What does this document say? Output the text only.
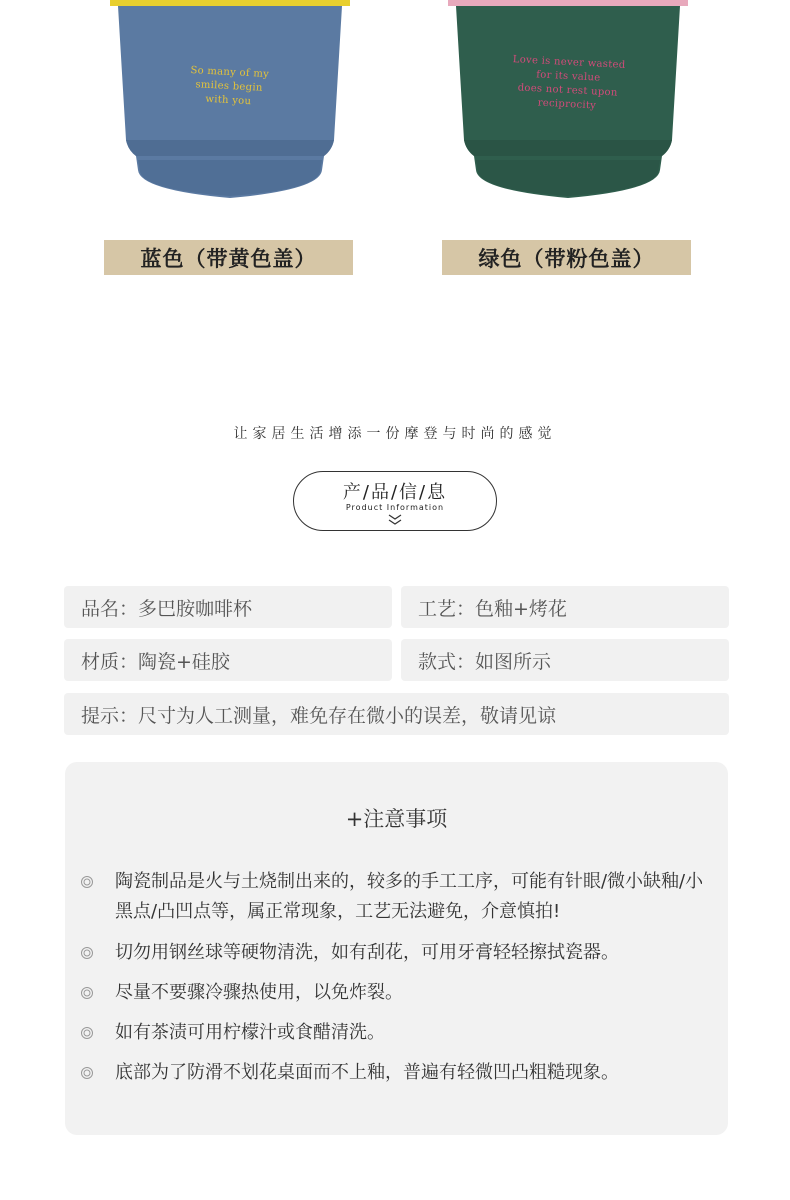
So many of my
smiles begin
with you
Love is never wasted
for its value
does not rest upon
reciprocity
蓝色（带黄色盖）	绿色（带粉色盖）
让家居生活增添一份摩登与时尚的感觉
产/品/信/息
Product Information
品名：多巴胺咖啡杯	工艺：色釉+烤花
材质：陶瓷+硅胶	款式：如图所示
提示：尺寸为人工测量，难免存在微小的误差，敬请见谅
+注意事项
陶瓷制品是火与土烧制出来的，较多的手工工序，可能有针眼/微小缺釉/小黑点/凸凹点等，属正常现象，工艺无法避免，介意慎拍!
切勿用钢丝球等硬物清洗，如有刮花，可用牙膏轻轻擦拭瓷器。
尽量不要骤冷骤热使用，以免炸裂。
如有茶渍可用柠檬汁或食醋清洗。
底部为了防滑不划花桌面而不上釉，普遍有轻微凹凸粗糙现象。
